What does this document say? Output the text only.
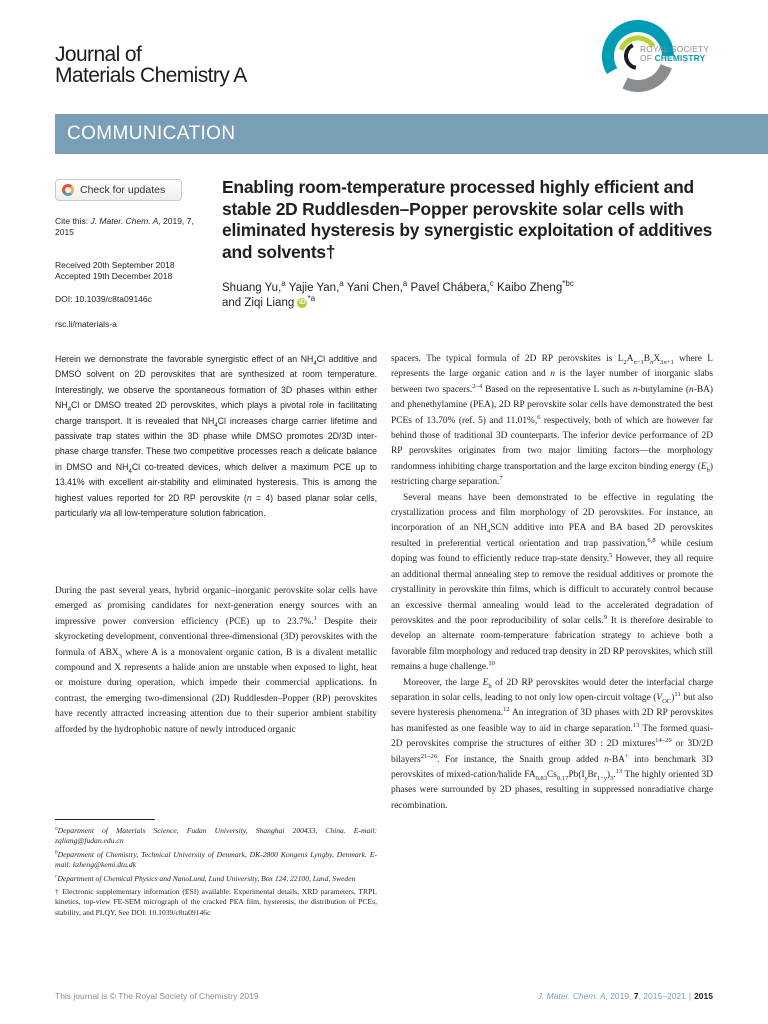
Journal of
Materials Chemistry A
ROYAL SOCIETY
OF CHEMISTRY
COMMUNICATION
Check for updates
Cite this: J. Mater. Chem. A, 2019, 7, 2015
Received 20th September 2018
Accepted 19th December 2018
DOI: 10.1039/c8ta09146c
rsc.li/materials-a
Enabling room-temperature processed highly efficient and stable 2D Ruddlesden–Popper perovskite solar cells with eliminated hysteresis by synergistic exploitation of additives and solvents†
Shuang Yu,$^a$ Yajie Yan,$^a$ Yani Chen,$^a$ Pavel Chábera,$^c$ Kaibo Zheng$^{*bc}$
and Ziqi Liang iD $^{*a}$
Herein we demonstrate the favorable synergistic effect of an $NH_4Cl$ additive and DMSO solvent on 2D perovskites that are synthesized at room temperature. Interestingly, we observe the spontaneous formation of 3D phases within either $NH_4Cl$ or DMSO treated 2D perovskites, which plays a pivotal role in facilitating charge transport. It is revealed that $NH_4Cl$ increases charge carrier lifetime and passivate trap states within the 3D phase while DMSO promotes 2D/3D inter-phase charge transfer. These two competitive processes reach a delicate balance in DMSO and $NH_4Cl$ co-treated devices, which deliver a maximum PCE up to 13.41% with excellent air-stability and eliminated hysteresis. This is among the highest values reported for 2D RP perovskite (n = 4) based planar solar cells, particularly via all low-temperature solution fabrication.
During the past several years, hybrid organic–inorganic perovskite solar cells have emerged as promising candidates for next-generation energy sources with an impressive power conversion efficiency (PCE) up to 23.7%.$^1$ Despite their skyrocketing development, conventional three-dimensional (3D) perovskites with the formula of $ABX_3$ where A is a monovalent organic cation, B is a divalent metallic compound and X represents a halide anion are unstable when exposed to light, heat or moisture during operation, which impede their commercial applications. In contrast, the emerging two-dimensional (2D) Ruddlesden–Popper (RP) perovskites have recently attracted increasing attention due to their superior ambient stability afforded by the hydrophobic nature of newly introduced organic

$^a$Department of Materials Science, Fudan University, Shanghai 200433, China. E-mail: zqliang@fudan.edu.cn

$^b$Department of Chemistry, Technical University of Denmark, DK-2800 Kongens Lyngby, Denmark. E-mail: kzheng@kemi.dtu.dk

$^c$Department of Chemical Physics and NanoLund, Lund University, Box 124, 22100, Lund, Sweden

† Electronic supplementary information (ESI) available: Experimental details, XRD parameters, TRPL kinetics, top-view FE-SEM micrograph of the cracked PEA film, hysteresis, the distribution of PCEs, stability, and PLQY. See DOI: 10.1039/c8ta09146c

spacers. The typical formula of 2D RP perovskites is $L_2A_{n-1}B_nX_{3n+1}$ where L represents the large organic cation and n is the layer number of inorganic slabs between two spacers.$^{2-4}$ Based on the representative L such as n-butylamine (n-BA) and phenethylamine (PEA), 2D RP perovskite solar cells have demonstrated the best PCEs of 13.70% (ref. 5) and 11.01%,$^6$ respectively, both of which are however far behind those of traditional 3D counterparts. The inferior device performance of 2D RP perovskites originates from two major limiting factors—the morphology randomness inhibiting charge transportation and the large exciton binding energy $(E_b)$ restricting charge separation.$^7$

Several means have been demonstrated to be effective in regulating the crystallization process and film morphology of 2D perovskites. For instance, an incorporation of an $NH_4SCN$ additive into PEA and BA based 2D perovskites resulted in preferential vertical orientation and trap passivation,$^{6,8}$ while cesium doping was found to efficiently reduce trap-state density.$^5$ However, they all require an additional thermal annealing step to remove the residual additives or promote the crystallinity in perovskite thin films, which is difficult to accurately control because an excessive thermal annealing would lead to the accelerated degradation of perovskites and the poor reproducibility of solar cells.$^9$ It is therefore desirable to develop an alternate room-temperature fabrication strategy to achieve both a favorable film morphology and reduced trap density in 2D RP perovskites, which still remains a huge challenge.$^{10}$

Moreover, the large $E_b$ of 2D RP perovskites would deter the interfacial charge separation in solar cells, leading to not only low open-circuit voltage $(V_{OC})^{11}$ but also severe hysteresis phenomena.$^{12}$ An integration of 3D phases with 2D RP perovskites has manifested as one feasible way to aid in charge separation.$^{13}$ The formed quasi-2D perovskites comprise the structures of either 3D : 2D mixtures$^{14-20}$ or 3D/2D bilayers$^{21-26}$. For instance, the Snaith group added n-BA+ into benchmark 3D perovskites of mixed-cation/halide $FA_{0.83}Cs_{0.17}Pb(I_yBr_{1-y})_3.^{13}$ The highly oriented 3D phases were surrounded by 2D phases, resulting in suppressed nonradiative charge recombination.

This journal is © The Royal Society of Chemistry 2019	J. Mater. Chem. A, 2019, 7, 2015–2021 | 2015
